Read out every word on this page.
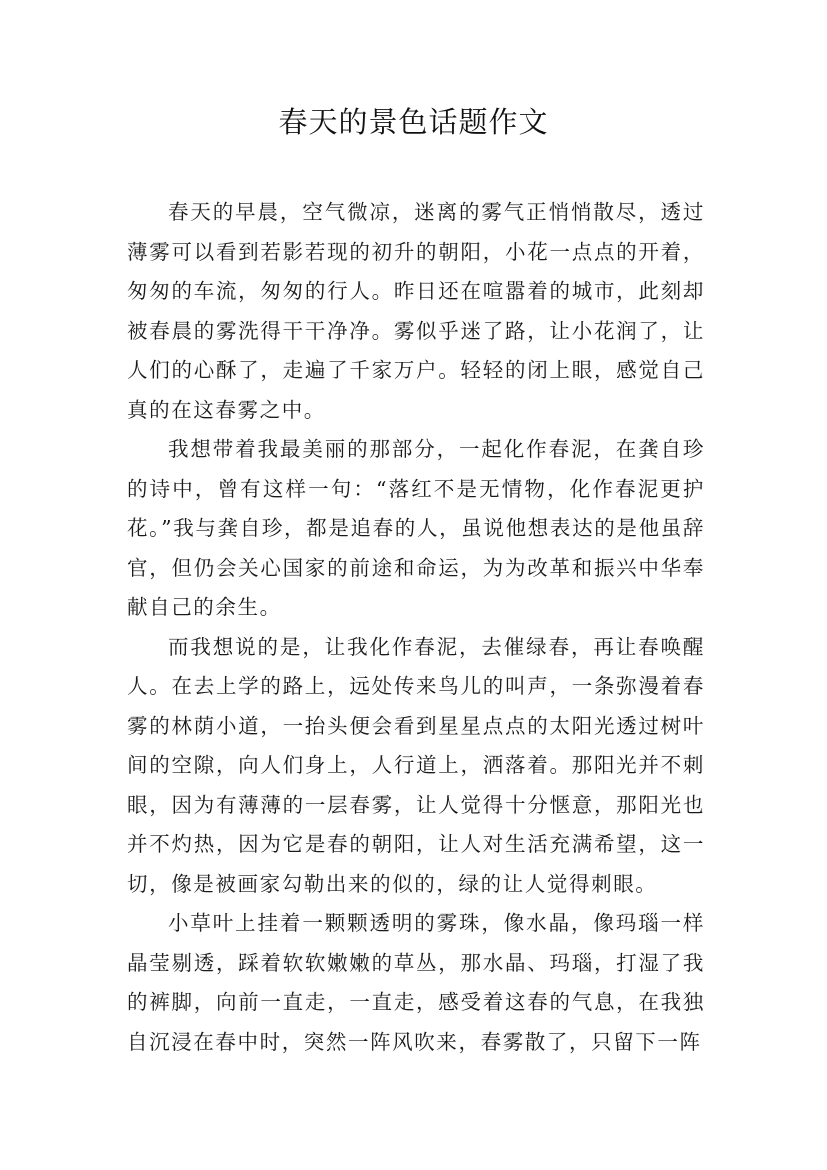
春天的景色话题作文

春天的早晨，空气微凉，迷离的雾气正悄悄散尽，透过薄雾可以看到若影若现的初升的朝阳，小花一点点的开着，匆匆的车流，匆匆的行人。昨日还在喧嚣着的城市，此刻却被春晨的雾洗得干干净净。雾似乎迷了路，让小花润了，让人们的心酥了，走遍了千家万户。轻轻的闭上眼，感觉自己真的在这春雾之中。

我想带着我最美丽的那部分，一起化作春泥，在龚自珍的诗中，曾有这样一句：“落红不是无情物，化作春泥更护花。”我与龚自珍，都是追春的人，虽说他想表达的是他虽辞官，但仍会关心国家的前途和命运，为为改革和振兴中华奉献自己的余生。

而我想说的是，让我化作春泥，去催绿春，再让春唤醒人。在去上学的路上，远处传来鸟儿的叫声，一条弥漫着春雾的林荫小道，一抬头便会看到星星点点的太阳光透过树叶间的空隙，向人们身上，人行道上，洒落着。那阳光并不刺眼，因为有薄薄的一层春雾，让人觉得十分惬意，那阳光也并不灼热，因为它是春的朝阳，让人对生活充满希望，这一切，像是被画家勾勒出来的似的，绿的让人觉得刺眼。

小草叶上挂着一颗颗透明的雾珠，像水晶，像玛瑙一样晶莹剔透，踩着软软嫩嫩的草丛，那水晶、玛瑙，打湿了我的裤脚，向前一直走，一直走，感受着这春的气息，在我独自沉浸在春中时，突然一阵风吹来，春雾散了，只留下一阵
